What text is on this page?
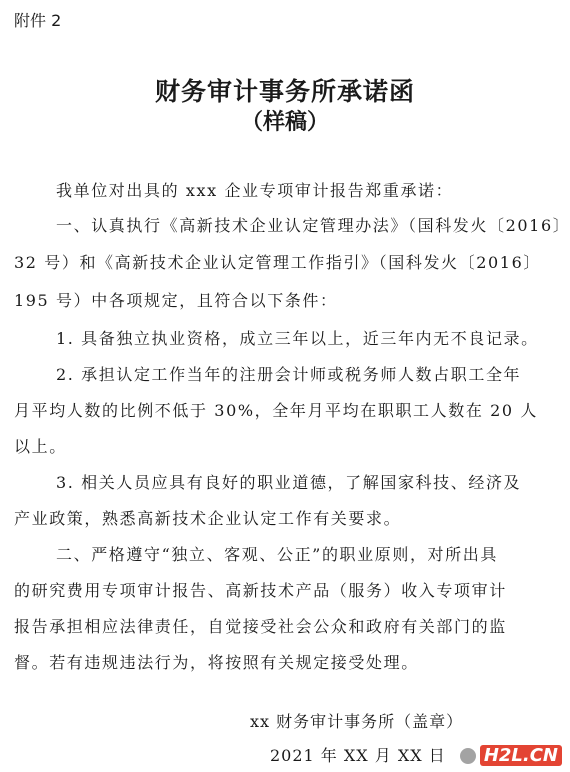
附件 2
财务审计事务所承诺函
（样稿）
我单位对出具的 xxx 企业专项审计报告郑重承诺：
一、认真执行《高新技术企业认定管理办法》（国科发火〔2016〕
32 号）和《高新技术企业认定管理工作指引》（国科发火〔2016〕
195 号）中各项规定，且符合以下条件：
1. 具备独立执业资格，成立三年以上，近三年内无不良记录。
2. 承担认定工作当年的注册会计师或税务师人数占职工全年
月平均人数的比例不低于 30%，全年月平均在职职工人数在 20 人
以上。
3. 相关人员应具有良好的职业道德，了解国家科技、经济及
产业政策，熟悉高新技术企业认定工作有关要求。
二、严格遵守“独立、客观、公正”的职业原则，对所出具
的研究费用专项审计报告、高新技术产品（服务）收入专项审计
报告承担相应法律责任，自觉接受社会公众和政府有关部门的监
督。若有违规违法行为，将按照有关规定接受处理。
xx 财务审计事务所（盖章）
2021 年 XX 月 XX 日 H2L.CN
